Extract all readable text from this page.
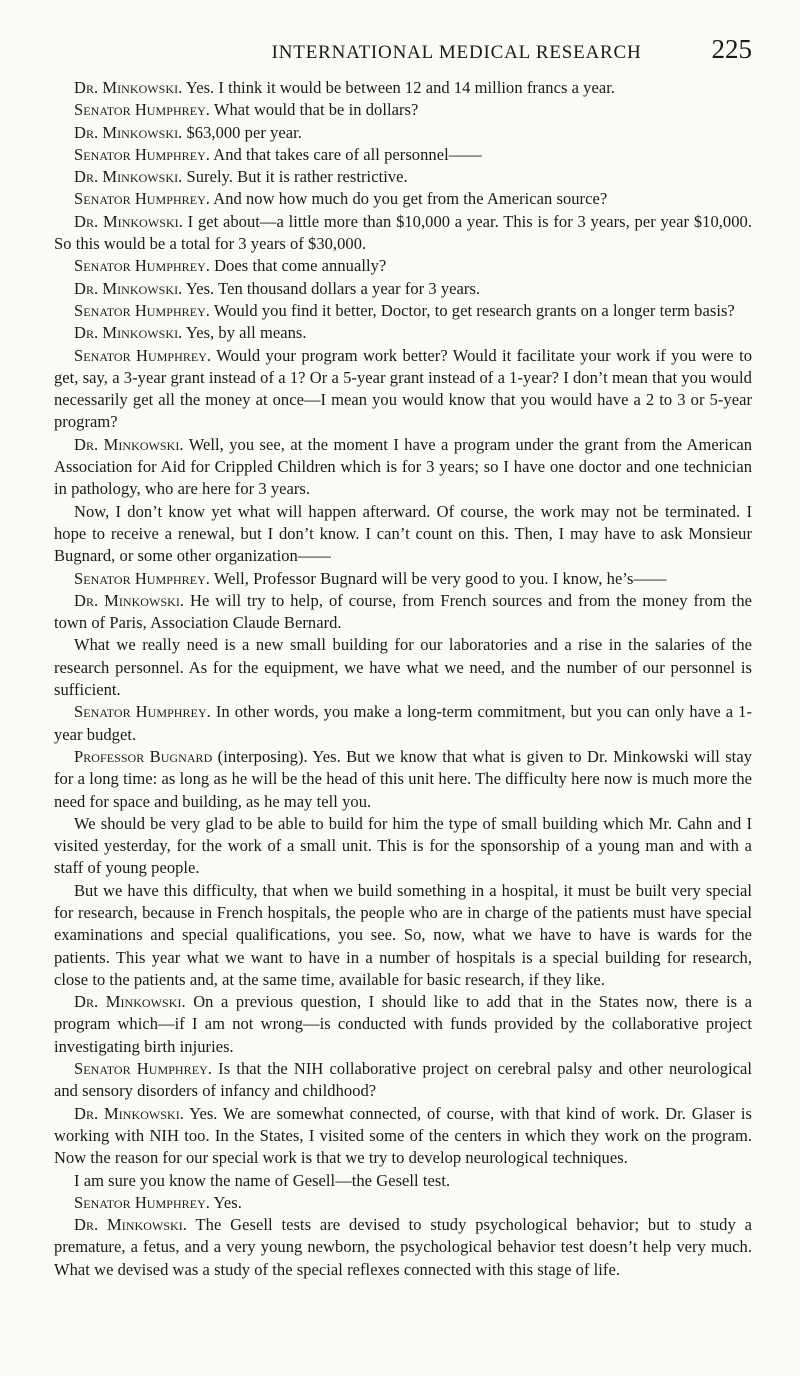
INTERNATIONAL MEDICAL RESEARCH	225

Dr. Minkowski. Yes. I think it would be between 12 and 14 million francs a year.

Senator Humphrey. What would that be in dollars?

Dr. Minkowski. $63,000 per year.

Senator Humphrey. And that takes care of all personnel——

Dr. Minkowski. Surely. But it is rather restrictive.

Senator Humphrey. And now how much do you get from the American source?

Dr. Minkowski. I get about—a little more than $10,000 a year. This is for 3 years, per year $10,000. So this would be a total for 3 years of $30,000.

Senator Humphrey. Does that come annually?

Dr. Minkowski. Yes. Ten thousand dollars a year for 3 years.

Senator Humphrey. Would you find it better, Doctor, to get research grants on a longer term basis?

Dr. Minkowski. Yes, by all means.

Senator Humphrey. Would your program work better? Would it facilitate your work if you were to get, say, a 3-year grant instead of a 1? Or a 5-year grant instead of a 1-year? I don’t mean that you would necessarily get all the money at once—I mean you would know that you would have a 2 to 3 or 5-year program?

Dr. Minkowski. Well, you see, at the moment I have a program under the grant from the American Association for Aid for Crippled Children which is for 3 years; so I have one doctor and one technician in pathology, who are here for 3 years.

Now, I don’t know yet what will happen afterward. Of course, the work may not be terminated. I hope to receive a renewal, but I don’t know. I can’t count on this. Then, I may have to ask Monsieur Bugnard, or some other organization——

Senator Humphrey. Well, Professor Bugnard will be very good to you. I know, he’s——

Dr. Minkowski. He will try to help, of course, from French sources and from the money from the town of Paris, Association Claude Bernard.

What we really need is a new small building for our laboratories and a rise in the salaries of the research personnel. As for the equipment, we have what we need, and the number of our personnel is sufficient.

Senator Humphrey. In other words, you make a long-term commitment, but you can only have a 1-year budget.

Professor Bugnard (interposing). Yes. But we know that what is given to Dr. Minkowski will stay for a long time: as long as he will be the head of this unit here. The difficulty here now is much more the need for space and building, as he may tell you.

We should be very glad to be able to build for him the type of small building which Mr. Cahn and I visited yesterday, for the work of a small unit. This is for the sponsorship of a young man and with a staff of young people.

But we have this difficulty, that when we build something in a hospital, it must be built very special for research, because in French hospitals, the people who are in charge of the patients must have special examinations and special qualifications, you see. So, now, what we have to have is wards for the patients. This year what we want to have in a number of hospitals is a special building for research, close to the patients and, at the same time, available for basic research, if they like.

Dr. Minkowski. On a previous question, I should like to add that in the States now, there is a program which—if I am not wrong—is conducted with funds provided by the collaborative project investigating birth injuries.

Senator Humphrey. Is that the NIH collaborative project on cerebral palsy and other neurological and sensory disorders of infancy and childhood?

Dr. Minkowski. Yes. We are somewhat connected, of course, with that kind of work. Dr. Glaser is working with NIH too. In the States, I visited some of the centers in which they work on the program. Now the reason for our special work is that we try to develop neurological techniques.

I am sure you know the name of Gesell—the Gesell test.

Senator Humphrey. Yes.

Dr. Minkowski. The Gesell tests are devised to study psychological behavior; but to study a premature, a fetus, and a very young newborn, the psychological behavior test doesn’t help very much. What we devised was a study of the special reflexes connected with this stage of life.
